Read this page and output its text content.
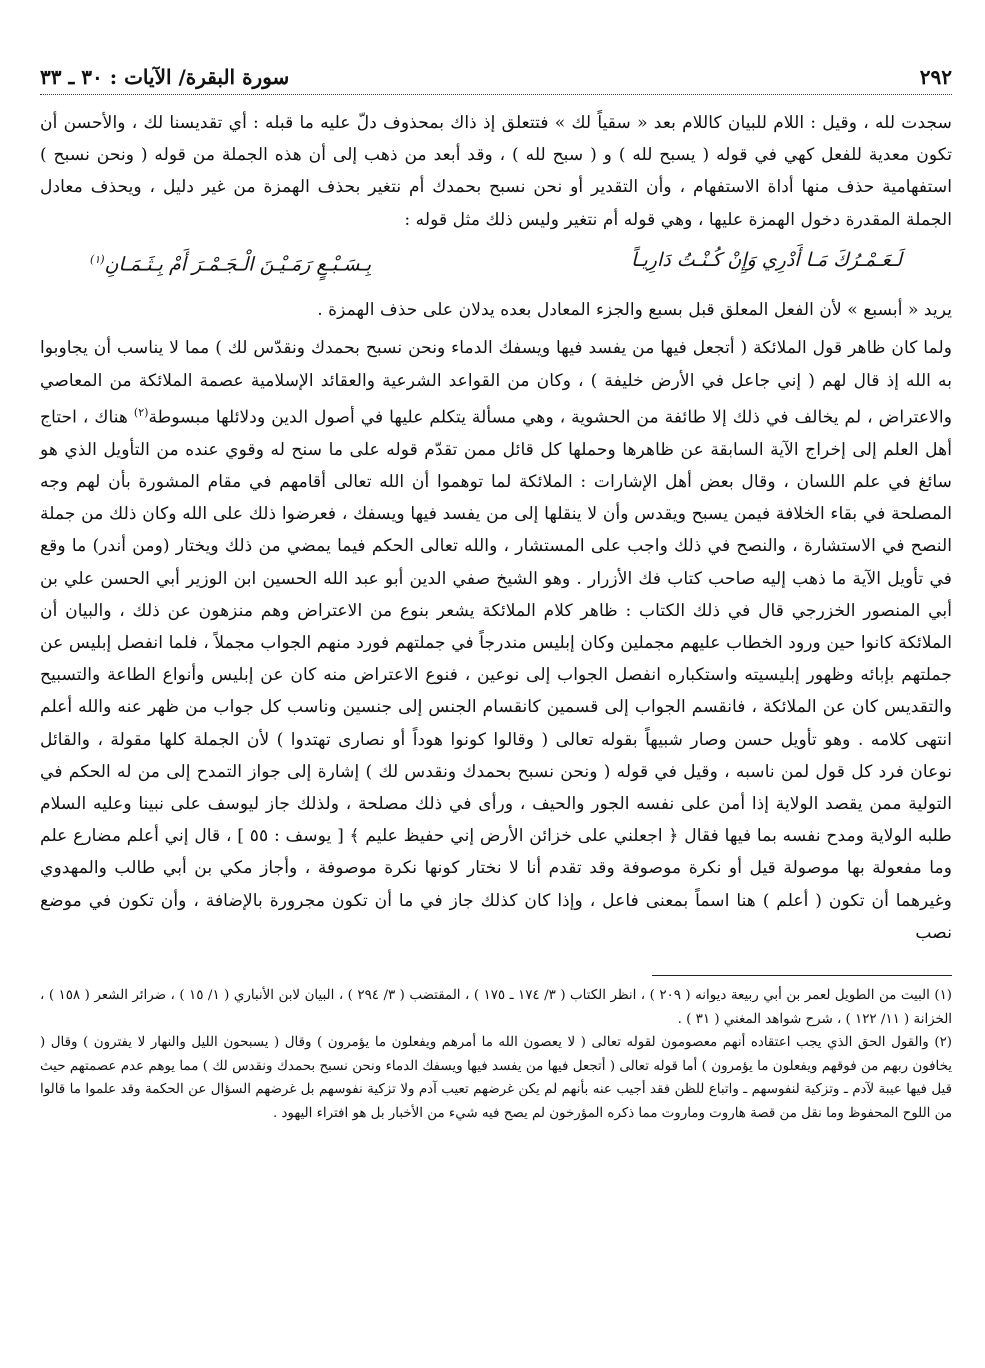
٢٩٢
سورة البقرة/ الآيات : ٣٠ ـ ٣٣

سجدت لله ، وقيل : اللام للبيان كاللام بعد « سقياً لك » فتتعلق إذ ذاك بمحذوف دلّ عليه ما قبله : أي تقديسنا لك ، والأحسن أن تكون معدية للفعل كهي في قوله ( يسبح لله ) و ( سبح لله ) ، وقد أبعد من ذهب إلى أن هذه الجملة من قوله ( ونحن نسبح ) استفهامية حذف منها أداة الاستفهام ، وأن التقدير أو نحن نسبح بحمدك أم نتغير بحذف الهمزة من غير دليل ، ويحذف معادل الجملة المقدرة دخول الهمزة عليها ، وهي قوله أم نتغير وليس ذلك مثل قوله :

لَـعَـمْـرُكَ مَـا أَدْرِي وَإِنْ كُـنْـتُ دَارِيـاً
بِـسَـبْـعٍ رَمَـيْـنَ الْـجَـمْـرَ أَمْ بِـثَـمَـانِ$^{(١)}$

يريد « أبسبع » لأن الفعل المعلق قبل بسبع والجزء المعادل بعده يدلان على حذف الهمزة .

ولما كان ظاهر قول الملائكة ( أتجعل فيها من يفسد فيها ويسفك الدماء ونحن نسبح بحمدك ونقدّس لك ) مما لا يناسب أن يجاوبوا به الله إذ قال لهم ( إني جاعل في الأرض خليفة ) ، وكان من القواعد الشرعية والعقائد الإسلامية عصمة الملائكة من المعاصي والاعتراض ، لم يخالف في ذلك إلا طائفة من الحشوية ، وهي مسألة يتكلم عليها في أصول الدين ودلائلها مبسوطة$^{(٢)}$ هناك ، احتاج أهل العلم إلى إخراج الآية السابقة عن ظاهرها وحملها كل قائل ممن تقدّم قوله على ما سنح له وقوي عنده من التأويل الذي هو سائغ في علم اللسان ، وقال بعض أهل الإشارات : الملائكة لما توهموا أن الله تعالى أقامهم في مقام المشورة بأن لهم وجه المصلحة في بقاء الخلافة فيمن يسبح ويقدس وأن لا ينقلها إلى من يفسد فيها ويسفك ، فعرضوا ذلك على الله وكان ذلك من جملة النصح في الاستشارة ، والنصح في ذلك واجب على المستشار ، والله تعالى الحكم فيما يمضي من ذلك ويختار (ومن أندر) ما وقع في تأويل الآية ما ذهب إليه صاحب كتاب فك الأزرار . وهو الشيخ صفي الدين أبو عبد الله الحسين ابن الوزير أبي الحسن علي بن أبي المنصور الخزرجي قال في ذلك الكتاب : ظاهر كلام الملائكة يشعر بنوع من الاعتراض وهم منزهون عن ذلك ، والبيان أن الملائكة كانوا حين ورود الخطاب عليهم مجملين وكان إبليس مندرجاً في جملتهم فورد منهم الجواب مجملاً ، فلما انفصل إبليس عن جملتهم بإبائه وظهور إبليسيته واستكباره انفصل الجواب إلى نوعين ، فنوع الاعتراض منه كان عن إبليس وأنواع الطاعة والتسبيح والتقديس كان عن الملائكة ، فانقسم الجواب إلى قسمين كانقسام الجنس إلى جنسين وناسب كل جواب من ظهر عنه والله أعلم انتهى كلامه . وهو تأويل حسن وصار شبيهاً بقوله تعالى ( وقالوا كونوا هوداً أو نصارى تهتدوا ) لأن الجملة كلها مقولة ، والقائل نوعان فرد كل قول لمن ناسبه ، وقيل في قوله ( ونحن نسبح بحمدك ونقدس لك ) إشارة إلى جواز التمدح إلى من له الحكم في التولية ممن يقصد الولاية إذا أمن على نفسه الجور والحيف ، ورأى في ذلك مصلحة ، ولذلك جاز ليوسف على نبينا وعليه السلام طلبه الولاية ومدح نفسه بما فيها فقال ﴿ اجعلني على خزائن الأرض إني حفيظ عليم ﴾ [ يوسف : ٥٥ ] ، قال إني أعلم مضارع علم وما مفعولة بها موصولة قيل أو نكرة موصوفة وقد تقدم أنا لا نختار كونها نكرة موصوفة ، وأجاز مكي بن أبي طالب والمهدوي وغيرهما أن تكون ( أعلم ) هنا اسماً بمعنى فاعل ، وإذا كان كذلك جاز في ما أن تكون مجرورة بالإضافة ، وأن تكون في موضع نصب

(١) البيت من الطويل لعمر بن أبي ربيعة ديوانه ( ٢٠٩ ) ، انظر الكتاب ( ٣/ ١٧٤ ـ ١٧٥ ) ، المقتضب ( ٣/ ٢٩٤ ) ، البيان لابن الأنباري ( ١/ ١٥ ) ، ضرائر الشعر ( ١٥٨ ) ، الخزانة ( ١١/ ١٢٢ ) ، شرح شواهد المغني ( ٣١ ) .

(٢) والقول الحق الذي يجب اعتقاده أنهم معصومون لقوله تعالى ( لا يعصون الله ما أمرهم ويفعلون ما يؤمرون ) وقال ( يسبحون الليل والنهار لا يفترون ) وقال ( يخافون ربهم من فوقهم ويفعلون ما يؤمرون ) أما قوله تعالى ( أتجعل فيها من يفسد فيها ويسفك الدماء ونحن نسبح بحمدك ونقدس لك ) مما يوهم عدم عصمتهم حيث قيل فيها عيبة لآدم ـ وتزكية لنفوسهم ـ واتباع للظن فقد أجيب عنه بأنهم لم يكن غرضهم تعيب آدم ولا تزكية نفوسهم بل غرضهم السؤال عن الحكمة وقد علموا ما قالوا من اللوح المحفوظ وما نقل من قصة هاروت وماروت مما ذكره المؤرخون لم يصح فيه شيء من الأخبار بل هو افتراء اليهود .
